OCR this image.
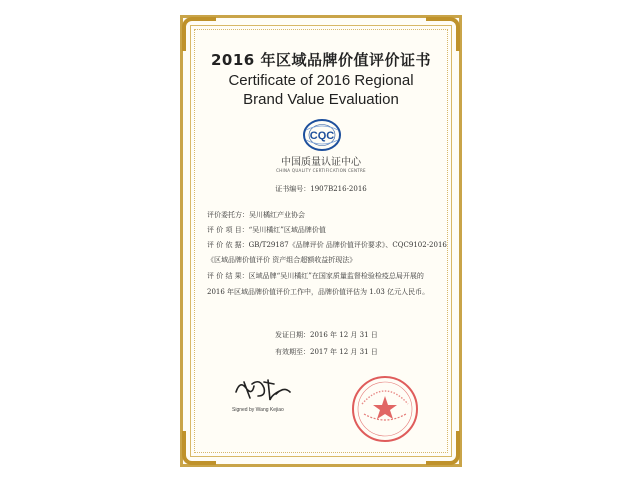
2016 年区域品牌价值评价证书
Certificate of 2016 Regional
Brand Value Evaluation
CQC
中国质量认证中心
CHINA QUALITY CERTIFICATION CENTRE
证书编号：1907B216-2016
评价委托方：吴川橘红产业协会
评 价 项 目：“吴川橘红”区域品牌价值
评 价 依 据：GB/T29187《品牌评价 品牌价值评价要求》、CQC9102-2016
《区域品牌价值评价 资产组合超额收益折现法》
评 价 结 果：区域品牌“吴川橘红”在国家质量监督检验检疫总局开展的 2016 年区域品牌价值评价工作中，品牌价值评估为 1.03 亿元人民币。
发证日期：2016 年 12 月 31 日
有效期至：2017 年 12 月 31 日
Signed by Wang Kejiao
